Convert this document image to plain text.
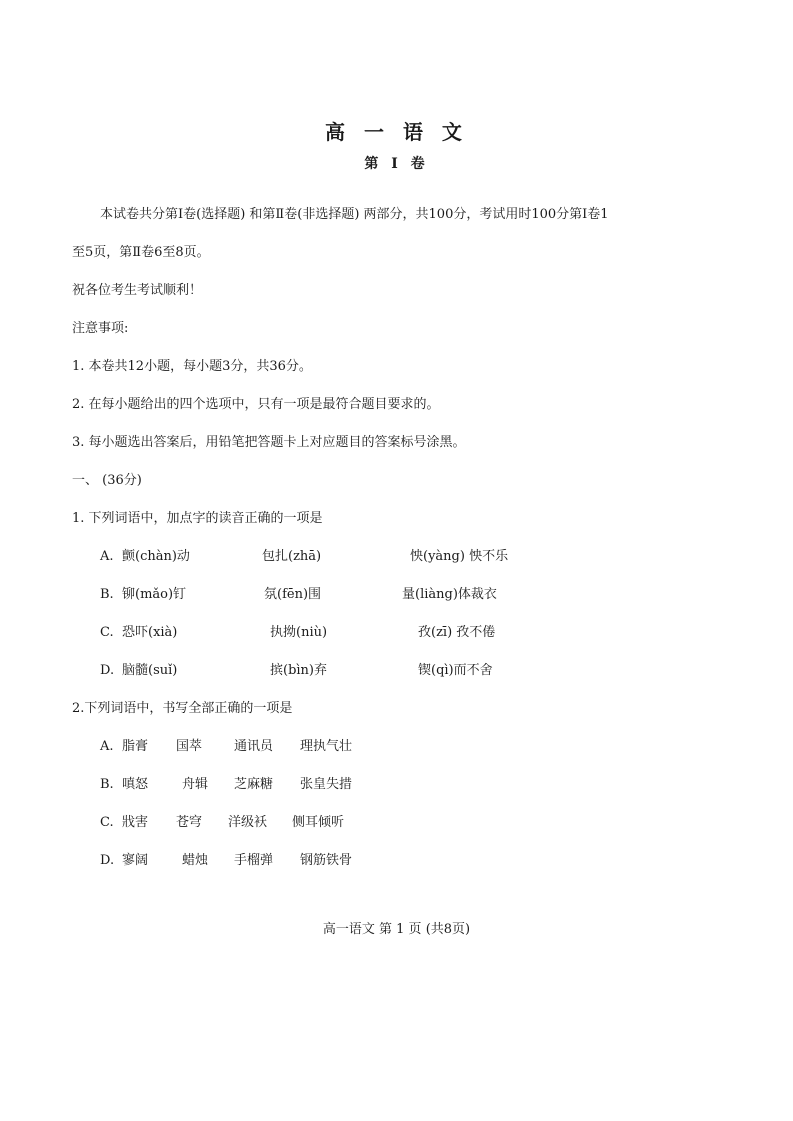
高 一 语 文
第 Ⅰ 卷
本试卷共分第Ⅰ卷(选择题) 和第Ⅱ卷(非选择题) 两部分，共100分，考试用时100分第Ⅰ卷1
至5页，第Ⅱ卷6至8页。
祝各位考生考试顺利！
注意事项:
1. 本卷共12小题，每小题3分，共36分。
2. 在每小题给出的四个选项中，只有一项是最符合题目要求的。
3. 每小题选出答案后，用铅笔把答题卡上对应题目的答案标号涂黑。
一、 (36分)
1. 下列词语中，加点字的读音正确的一项是
A. 颤(chàn)动	包扎(zhā)	怏(yàng) 怏不乐
B. 铆(mǎo)钉	氛(fēn)围	量(liàng)体裁衣
C. 恐吓(xià)	执拗(niù)	孜(zī) 孜不倦
D. 脑髓(suǐ)	摈(bìn)弃	锲(qì)而不舍
2.下列词语中，书写全部正确的一项是
A. 脂膏 国萃 通讯员 理执气壮
B. 嗔怒	舟辑 芝麻糖 张皇失措
C. 戕害 苍穹 洋级袄 侧耳倾听
D. 寥阔	蜡烛 手榴弹 钢筋铁骨
高一语文 第 1 页 (共8页)
